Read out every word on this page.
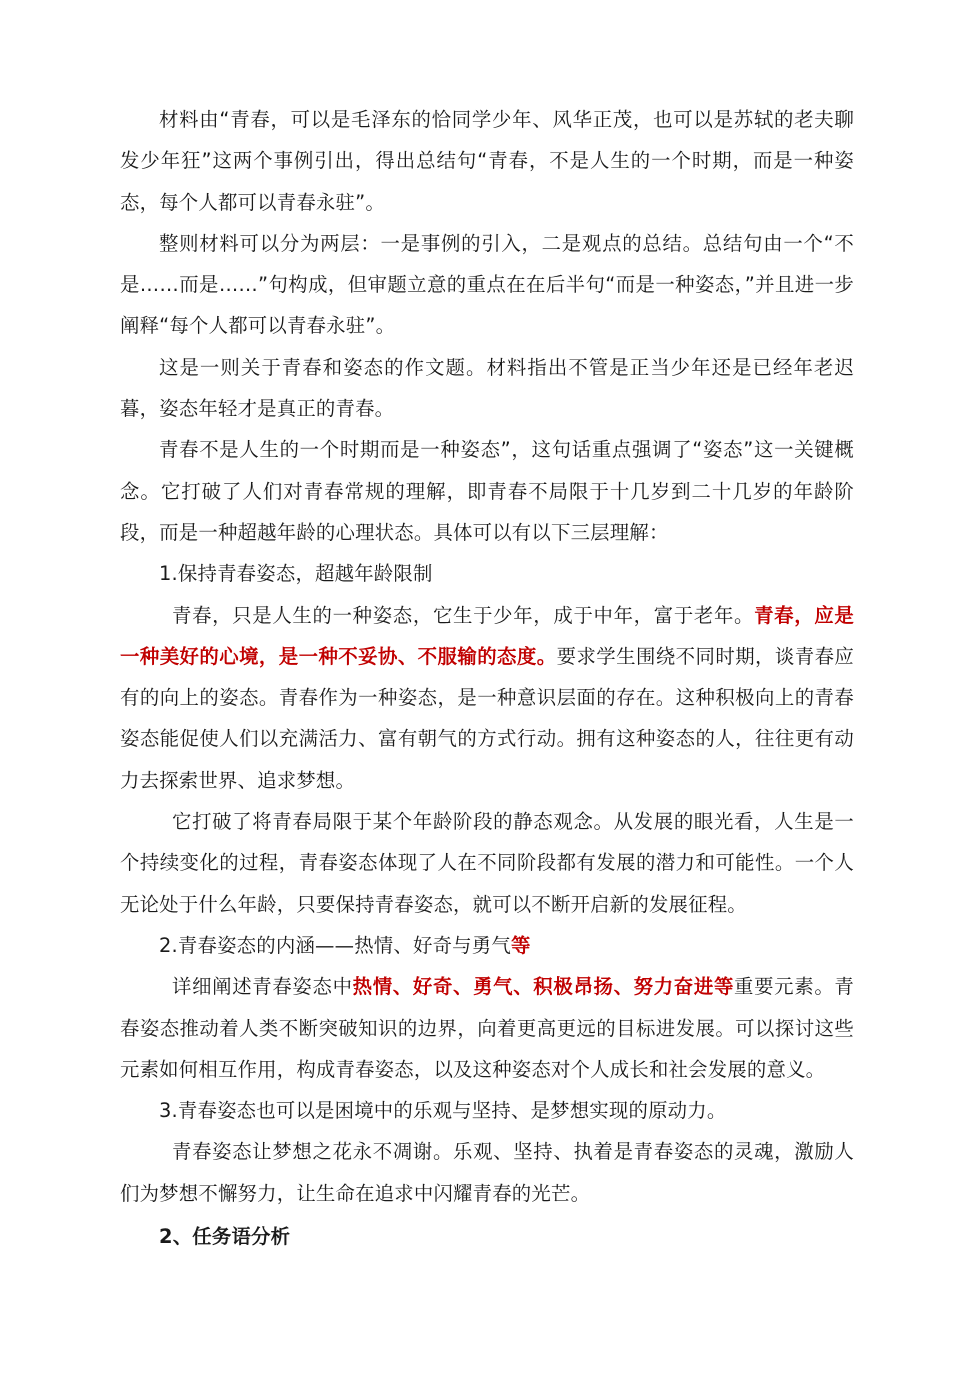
材料由“青春，可以是毛泽东的恰同学少年、风华正茂，也可以是苏轼的老夫聊发少年狂”这两个事例引出，得出总结句“青春，不是人生的一个时期，而是一种姿态，每个人都可以青春永驻”。

整则材料可以分为两层：一是事例的引入，二是观点的总结。总结句由一个“不是……而是……”句构成，但审题立意的重点在在后半句“而是一种姿态，”并且进一步阐释“每个人都可以青春永驻”。

这是一则关于青春和姿态的作文题。材料指出不管是正当少年还是已经年老迟暮，姿态年轻才是真正的青春。

青春不是人生的一个时期而是一种姿态”，这句话重点强调了“姿态”这一关键概念。它打破了人们对青春常规的理解，即青春不局限于十几岁到二十几岁的年龄阶段，而是一种超越年龄的心理状态。具体可以有以下三层理解：

1.保持青春姿态，超越年龄限制

青春，只是人生的一种姿态，它生于少年，成于中年，富于老年。青春，应是一种美好的心境，是一种不妥协、不服输的态度。要求学生围绕不同时期，谈青春应有的向上的姿态。青春作为一种姿态，是一种意识层面的存在。这种积极向上的青春姿态能促使人们以充满活力、富有朝气的方式行动。拥有这种姿态的人，往往更有动力去探索世界、追求梦想。

它打破了将青春局限于某个年龄阶段的静态观念。从发展的眼光看，人生是一个持续变化的过程，青春姿态体现了人在不同阶段都有发展的潜力和可能性。一个人无论处于什么年龄，只要保持青春姿态，就可以不断开启新的发展征程。

2.青春姿态的内涵——热情、好奇与勇气等

详细阐述青春姿态中热情、好奇、勇气、积极昂扬、努力奋进等重要元素。青春姿态推动着人类不断突破知识的边界，向着更高更远的目标进发展。可以探讨这些元素如何相互作用，构成青春姿态，以及这种姿态对个人成长和社会发展的意义。

3.青春姿态也可以是困境中的乐观与坚持、是梦想实现的原动力。

青春姿态让梦想之花永不凋谢。乐观、坚持、执着是青春姿态的灵魂，激励人们为梦想不懈努力，让生命在追求中闪耀青春的光芒。

2、任务语分析
